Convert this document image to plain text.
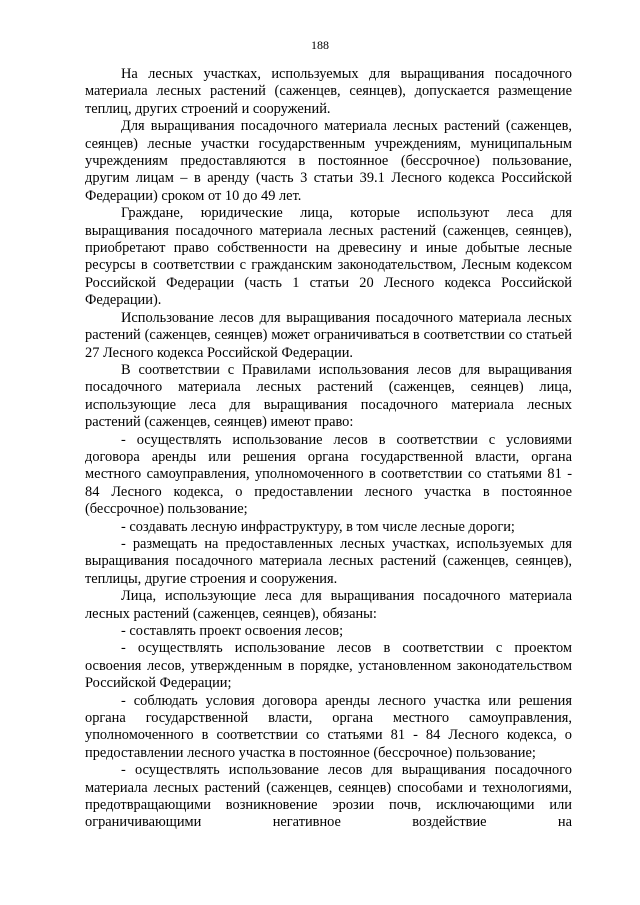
188

На лесных участках, используемых для выращивания посадочного материала лесных растений (саженцев, сеянцев), допускается размещение теплиц, других строений и сооружений.

Для выращивания посадочного материала лесных растений (саженцев, сеянцев) лесные участки государственным учреждениям, муниципальным учреждениям предоставляются в постоянное (бессрочное) пользование, другим лицам – в аренду (часть 3 статьи 39.1 Лесного кодекса Российской Федерации) сроком от 10 до 49 лет.

Граждане, юридические лица, которые используют леса для выращивания посадочного материала лесных растений (саженцев, сеянцев), приобретают право собственности на древесину и иные добытые лесные ресурсы в соответствии с гражданским законодательством, Лесным кодексом Российской Федерации (часть 1 статьи 20 Лесного кодекса Российской Федерации).

Использование лесов для выращивания посадочного материала лесных растений (саженцев, сеянцев) может ограничиваться в соответствии со статьей 27 Лесного кодекса Российской Федерации.

В соответствии с Правилами использования лесов для выращивания посадочного материала лесных растений (саженцев, сеянцев) лица, использующие леса для выращивания посадочного материала лесных растений (саженцев, сеянцев) имеют право:

- осуществлять использование лесов в соответствии с условиями договора аренды или решения органа государственной власти, органа местного самоуправления, уполномоченного в соответствии со статьями 81 - 84 Лесного кодекса, о предоставлении лесного участка в постоянное (бессрочное) пользование;

- создавать лесную инфраструктуру, в том числе лесные дороги;

- размещать на предоставленных лесных участках, используемых для выращивания посадочного материала лесных растений (саженцев, сеянцев), теплицы, другие строения и сооружения.

Лица, использующие леса для выращивания посадочного материала лесных растений (саженцев, сеянцев), обязаны:

- составлять проект освоения лесов;

- осуществлять использование лесов в соответствии с проектом освоения лесов, утвержденным в порядке, установленном законодательством Российской Федерации;

- соблюдать условия договора аренды лесного участка или решения органа государственной власти, органа местного самоуправления, уполномоченного в соответствии со статьями 81 - 84 Лесного кодекса, о предоставлении лесного участка в постоянное (бессрочное) пользование;

- осуществлять использование лесов для выращивания посадочного материала лесных растений (саженцев, сеянцев) способами и технологиями, предотвращающими возникновение эрозии почв, исключающими или ограничивающими негативное воздействие на
